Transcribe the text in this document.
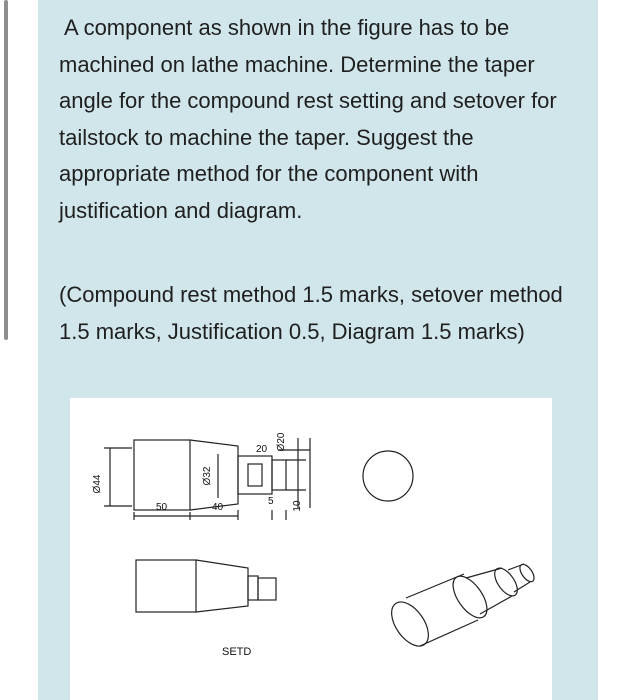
A component as shown in the figure has to be machined on lathe machine. Determine the taper angle for the compound rest setting and setover for tailstock to machine the taper. Suggest the appropriate method for the component with justification and diagram.

(Compound rest method 1.5 marks, setover method 1.5 marks, Justification 0.5, Diagram 1.5 marks)

Ø44	Ø32
Ø20
50	40
20
5 10
SETD
